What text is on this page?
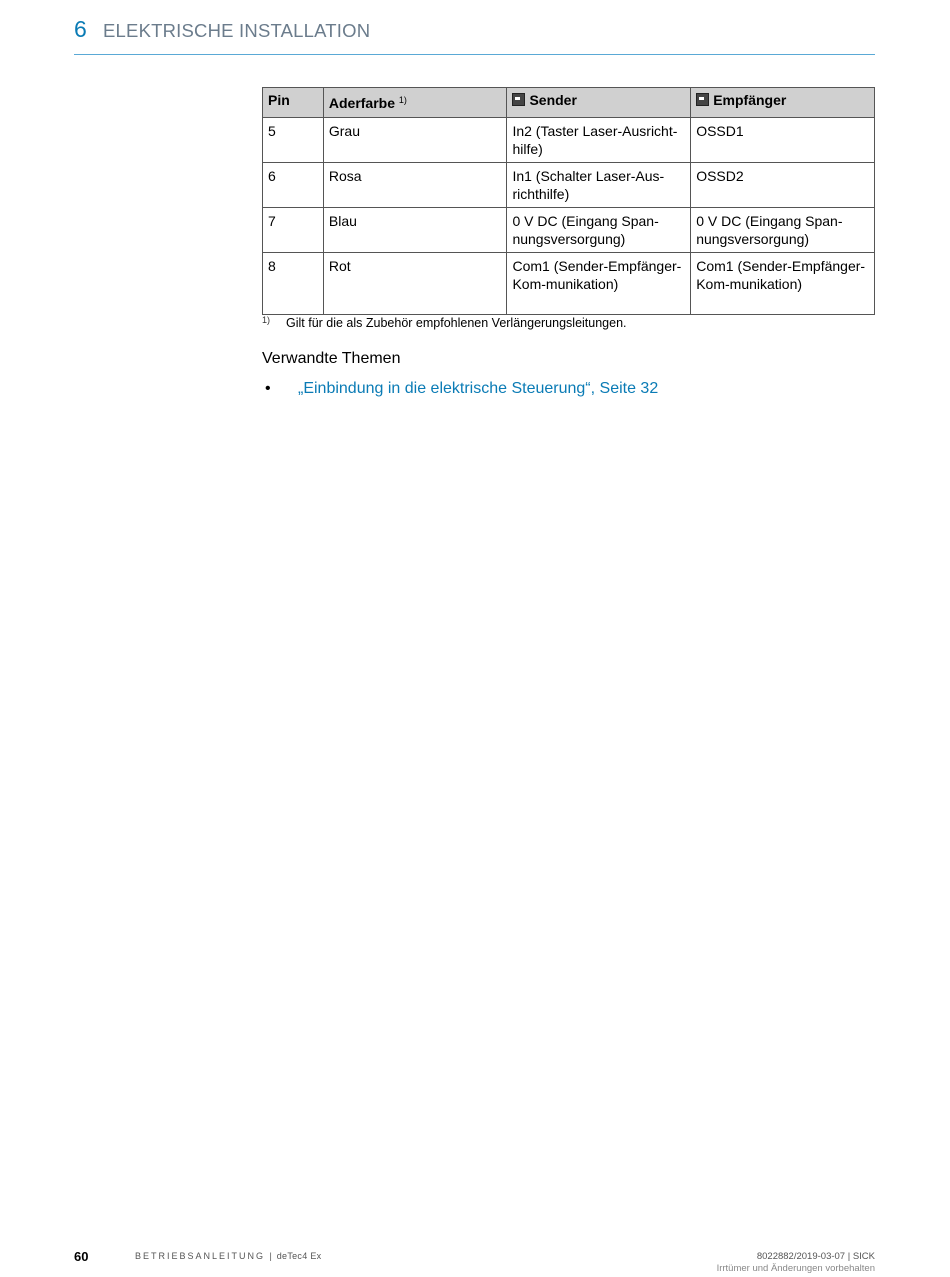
6 ELEKTRISCHE INSTALLATION
Pin	Aderfarbe $^{1)}$	Sender	Empfänger
5	Grau	In2 (Taster Laser-Ausricht-hilfe)	OSSD1
6	Rosa	In1 (Schalter Laser-Aus-richthilfe)	OSSD2
7	Blau	0 V DC (Eingang Span-nungsversorgung)	0 V DC (Eingang Span-nungsversorgung)
8	Rot	Com1 (Sender-Empfänger-Kom-munikation)	Com1 (Sender-Empfänger-Kom-munikation)
1) Gilt für die als Zubehör empfohlenen Verlängerungsleitungen.
Verwandte Themen
• „Einbindung in die elektrische Steuerung“, Seite 32
60	BETRIEBSANLEITUNG | deTec4 Ex	8022882/2019-03-07 | SICK
Irrtümer und Änderungen vorbehalten
